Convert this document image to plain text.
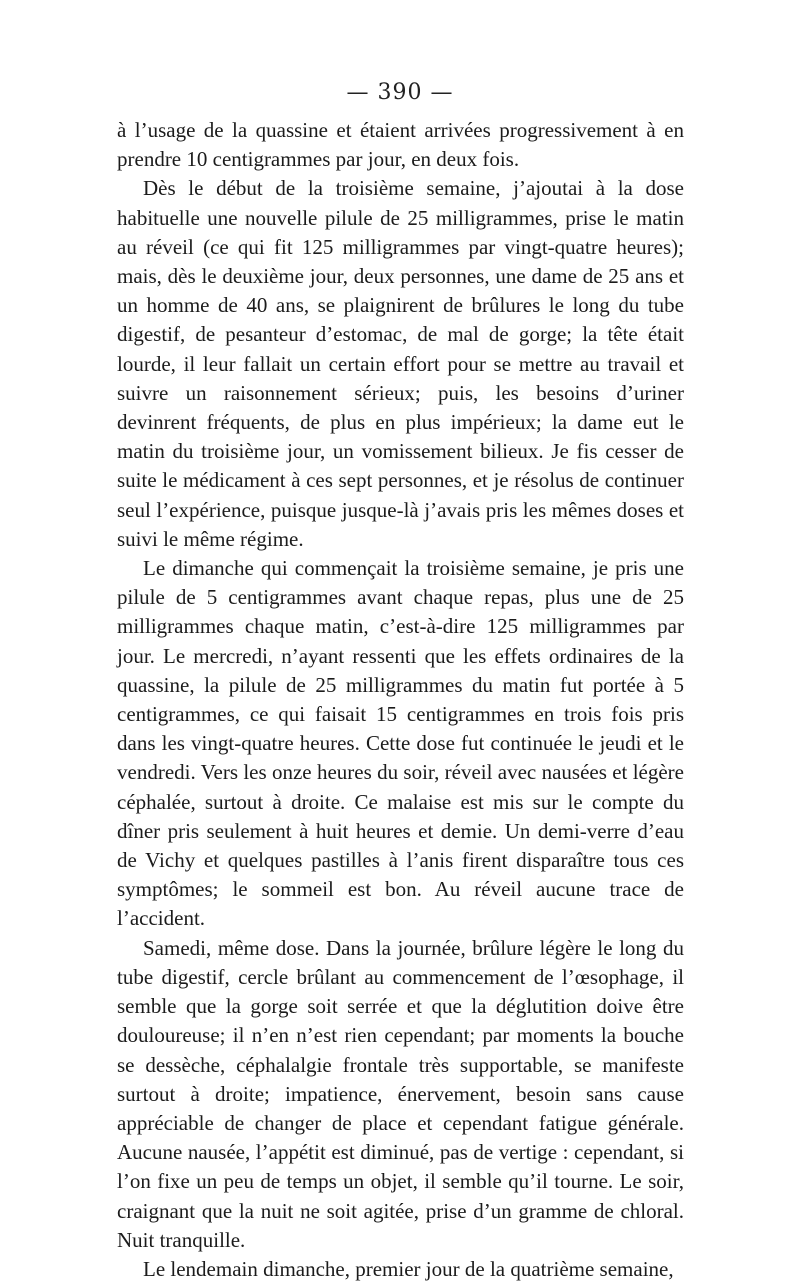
— 390 —

à l’usage de la quassine et étaient arrivées progressivement à en prendre 10 centigrammes par jour, en deux fois.

Dès le début de la troisième semaine, j’ajoutai à la dose habituelle une nouvelle pilule de 25 milligrammes, prise le matin au réveil (ce qui fit 125 milligrammes par vingt-quatre heures); mais, dès le deuxième jour, deux personnes, une dame de 25 ans et un homme de 40 ans, se plaignirent de brûlures le long du tube digestif, de pesanteur d’estomac, de mal de gorge; la tête était lourde, il leur fallait un certain effort pour se mettre au travail et suivre un raisonnement sérieux; puis, les besoins d’uriner devinrent fréquents, de plus en plus impérieux; la dame eut le matin du troisième jour, un vomissement bilieux. Je fis cesser de suite le médicament à ces sept personnes, et je résolus de continuer seul l’expérience, puisque jusque-là j’avais pris les mêmes doses et suivi le même régime.

Le dimanche qui commençait la troisième semaine, je pris une pilule de 5 centigrammes avant chaque repas, plus une de 25 milligrammes chaque matin, c’est-à-dire 125 milligrammes par jour. Le mercredi, n’ayant ressenti que les effets ordinaires de la quassine, la pilule de 25 milligrammes du matin fut portée à 5 centigrammes, ce qui faisait 15 centigrammes en trois fois pris dans les vingt-quatre heures. Cette dose fut continuée le jeudi et le vendredi. Vers les onze heures du soir, réveil avec nausées et légère céphalée, surtout à droite. Ce malaise est mis sur le compte du dîner pris seulement à huit heures et demie. Un demi-verre d’eau de Vichy et quelques pastilles à l’anis firent disparaître tous ces symptômes; le sommeil est bon. Au réveil aucune trace de l’accident.

Samedi, même dose. Dans la journée, brûlure légère le long du tube digestif, cercle brûlant au commencement de l’œsophage, il semble que la gorge soit serrée et que la déglutition doive être douloureuse; il n’en n’est rien cependant; par moments la bouche se dessèche, céphalalgie frontale très supportable, se manifeste surtout à droite; impatience, énervement, besoin sans cause appréciable de changer de place et cependant fatigue générale. Aucune nausée, l’appétit est diminué, pas de vertige : cependant, si l’on fixe un peu de temps un objet, il semble qu’il tourne. Le soir, craignant que la nuit ne soit agitée, prise d’un gramme de chloral. Nuit tranquille.

Le lendemain dimanche, premier jour de la quatrième semaine,
